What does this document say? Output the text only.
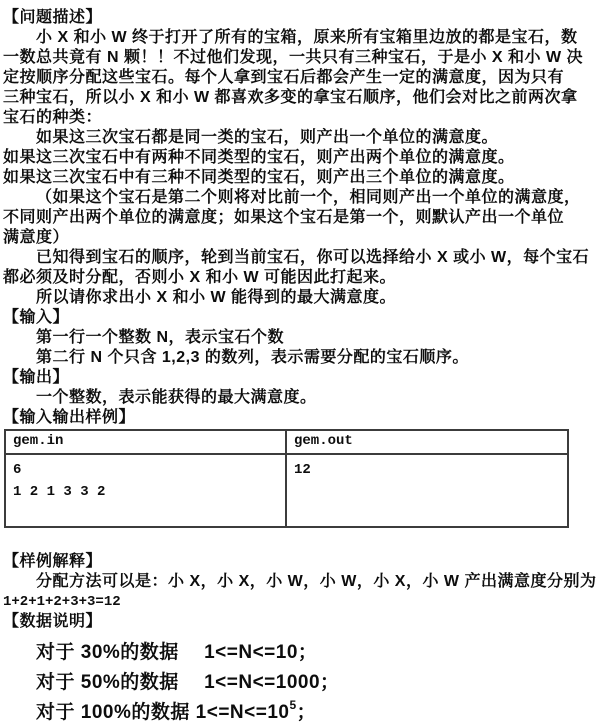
【问题描述】
小 X 和小 W 终于打开了所有的宝箱，原来所有宝箱里边放的都是宝石，数
一数总共竟有 N 颗！！不过他们发现，一共只有三种宝石，于是小 X 和小 W 决
定按顺序分配这些宝石。每个人拿到宝石后都会产生一定的满意度，因为只有
三种宝石，所以小 X 和小 W 都喜欢多变的拿宝石顺序，他们会对比之前两次拿
宝石的种类：
如果这三次宝石都是同一类的宝石，则产出一个单位的满意度。
如果这三次宝石中有两种不同类型的宝石，则产出两个单位的满意度。
如果这三次宝石中有三种不同类型的宝石，则产出三个单位的满意度。
（如果这个宝石是第二个则将对比前一个，相同则产出一个单位的满意度，
不同则产出两个单位的满意度；如果这个宝石是第一个，则默认产出一个单位
满意度）
已知得到宝石的顺序，轮到当前宝石，你可以选择给小 X 或小 W，每个宝石
都必须及时分配，否则小 X 和小 W 可能因此打起来。
所以请你求出小 X 和小 W 能得到的最大满意度。
【输入】
第一行一个整数 N，表示宝石个数
第二行 N 个只含 1,2,3 的数列，表示需要分配的宝石顺序。
【输出】
一个整数，表示能获得的最大满意度。
【输入输出样例】
gem.in	gem.out

6
1 2 1 3 3 2	12
【样例解释】
分配方法可以是：小 X，小 X，小 W，小 W，小 X，小 W 产出满意度分别为
1+2+1+2+3+3=12
【数据说明】
对于 30%的数据　 1<=N<=10；
对于 50%的数据　 1<=N<=1000；
对于 100%的数据 $1<=N<=10^5$；
